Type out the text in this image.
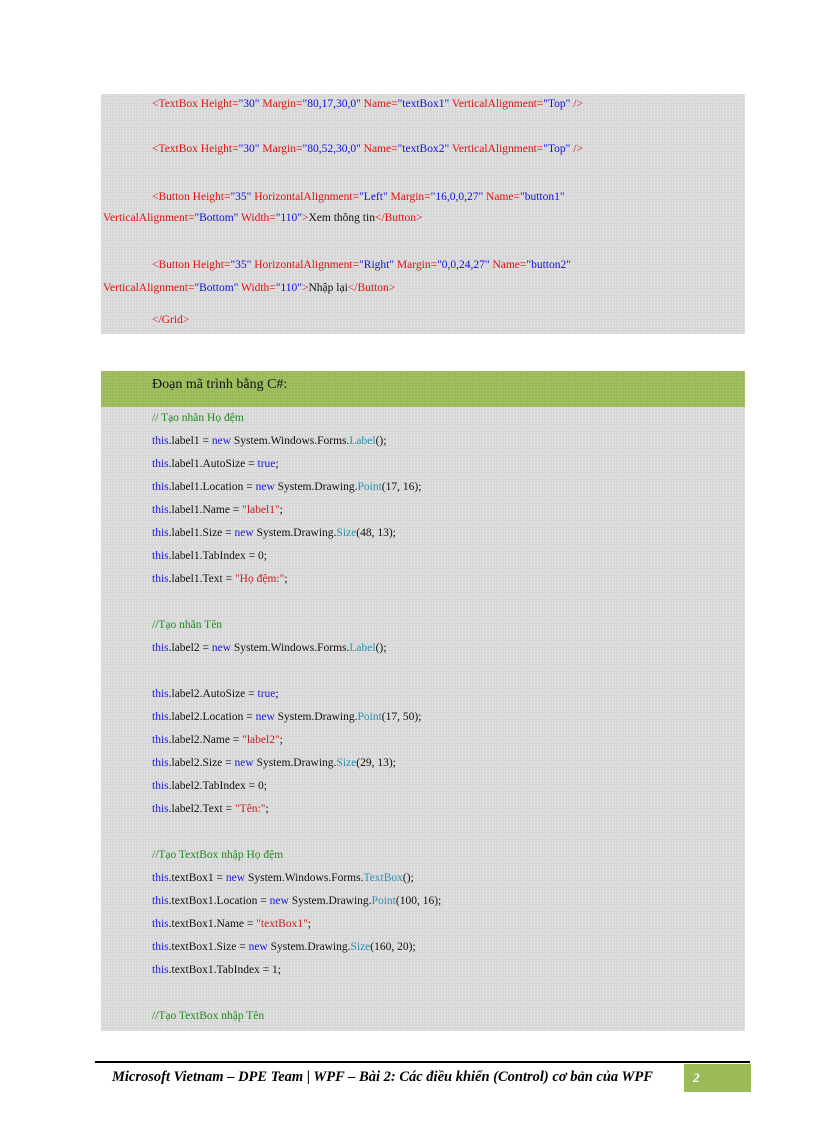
<TextBox Height="30" Margin="80,17,30,0" Name="textBox1" VerticalAlignment="Top" />
<TextBox Height="30" Margin="80,52,30,0" Name="textBox2" VerticalAlignment="Top" />
<Button Height="35" HorizontalAlignment="Left" Margin="16,0,0,27" Name="button1"
VerticalAlignment="Bottom" Width="110">Xem thông tin</Button>
<Button Height="35" HorizontalAlignment="Right" Margin="0,0,24,27" Name="button2"
VerticalAlignment="Bottom" Width="110">Nhập lại</Button>
</Grid>
Đoạn mã trình bằng C#:
// Tạo nhãn Họ đệm
this.label1 = new System.Windows.Forms.Label();
this.label1.AutoSize = true;
this.label1.Location = new System.Drawing.Point(17, 16);
this.label1.Name = "label1";
this.label1.Size = new System.Drawing.Size(48, 13);
this.label1.TabIndex = 0;
this.label1.Text = "Họ đệm:";
//Tạo nhãn Tên
this.label2 = new System.Windows.Forms.Label();
this.label2.AutoSize = true;
this.label2.Location = new System.Drawing.Point(17, 50);
this.label2.Name = "label2";
this.label2.Size = new System.Drawing.Size(29, 13);
this.label2.TabIndex = 0;
this.label2.Text = "Tên:";
//Tạo TextBox nhập Họ đệm
this.textBox1 = new System.Windows.Forms.TextBox();
this.textBox1.Location = new System.Drawing.Point(100, 16);
this.textBox1.Name = "textBox1";
this.textBox1.Size = new System.Drawing.Size(160, 20);
this.textBox1.TabIndex = 1;
//Tạo TextBox nhập Tên
Microsoft Vietnam – DPE Team | WPF – Bài 2: Các điều khiển (Control) cơ bản của WPF	2
